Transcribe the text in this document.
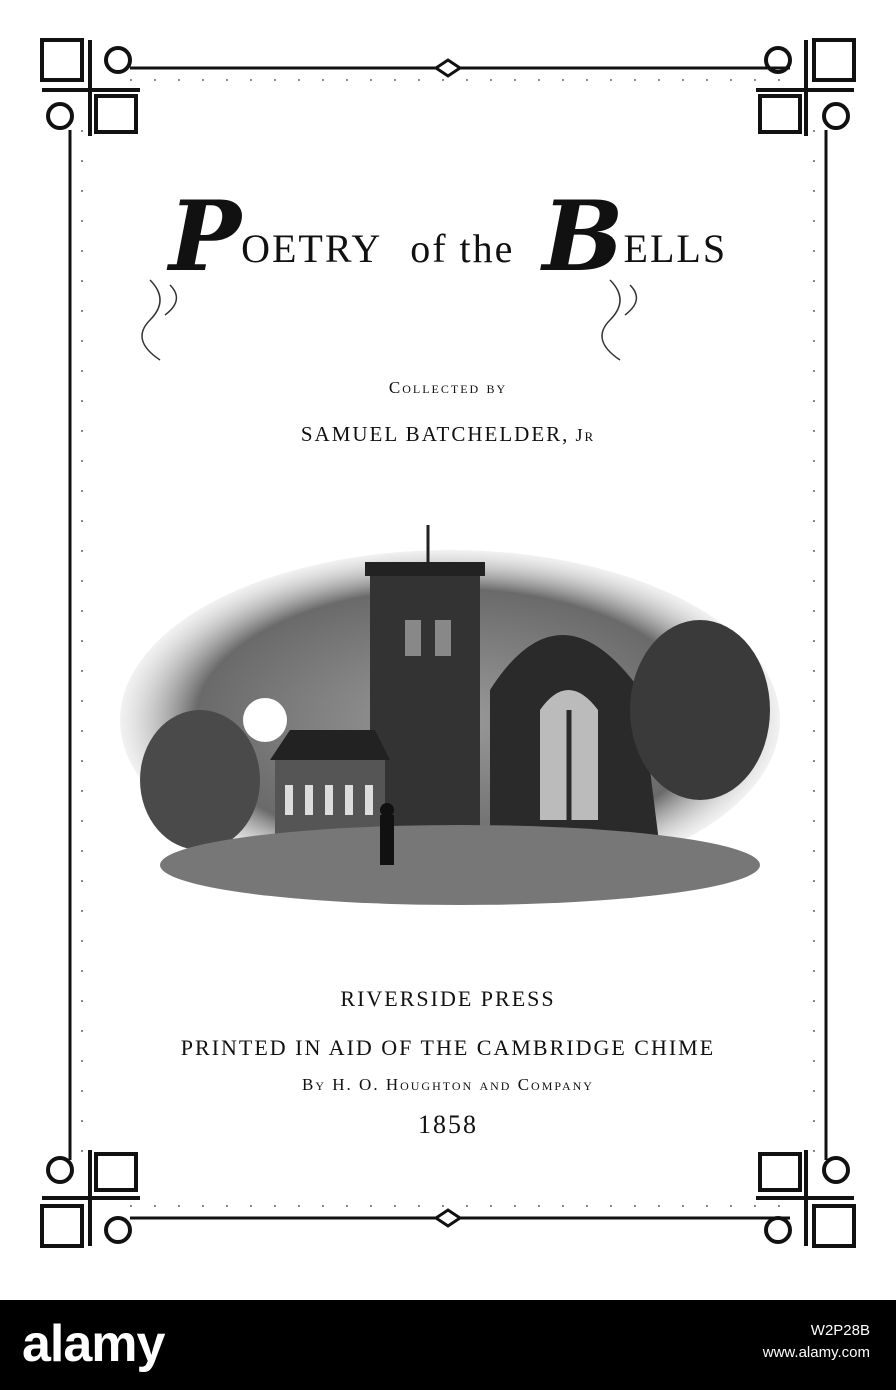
POETRY of the BELLS
Collected by
SAMUEL BATCHELDER, Jr
RIVERSIDE PRESS
PRINTED IN AID OF THE CAMBRIDGE CHIME
By H. O. Houghton and Company
1858
alamy	W2P28B
www.alamy.com
